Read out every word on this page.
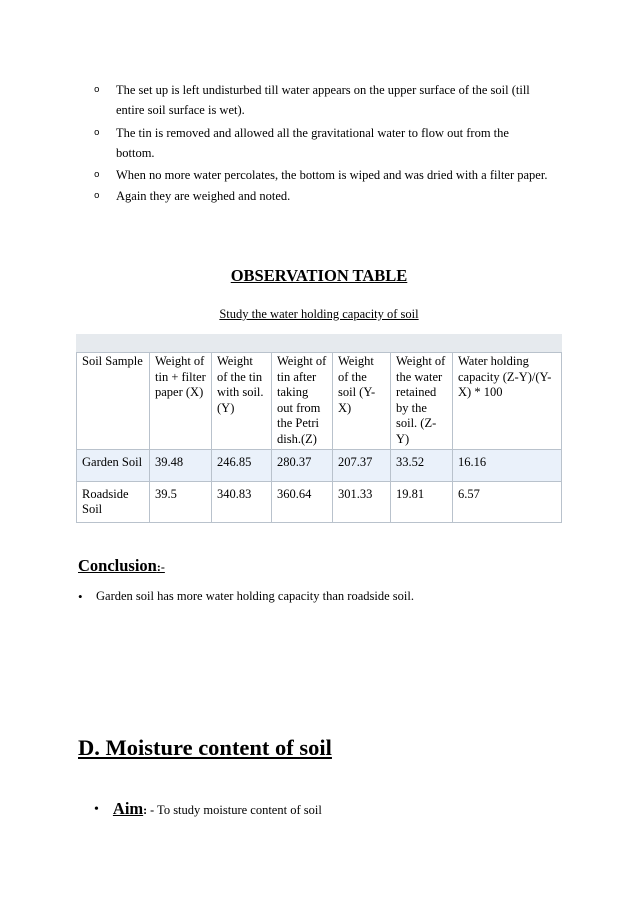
o The set up is left undisturbed till water appears on the upper surface of the soil (till
entire soil surface is wet).
o The tin is removed and allowed all the gravitational water to flow out from the
bottom.
o When no more water percolates, the bottom is wiped and was dried with a filter paper.
o Again they are weighed and noted.
OBSERVATION TABLE
Study the water holding capacity of soil
Soil Sample	Weight of tin + filter paper (X)	Weight of the tin with soil.(Y)	Weight of tin after taking out from the Petri dish.(Z)	Weight of the soil (Y-X)	Weight of the water retained by the soil. (Z-Y)	Water holding capacity (Z-Y)/(Y-X) * 100
Garden Soil	39.48	246.85	280.37	207.37	33.52	16.16
Roadside Soil	39.5	340.83	360.64	301.33	19.81	6.57
Conclusion:-
• Garden soil has more water holding capacity than roadside soil.
D. Moisture content of soil
• Aim: - To study moisture content of soil
